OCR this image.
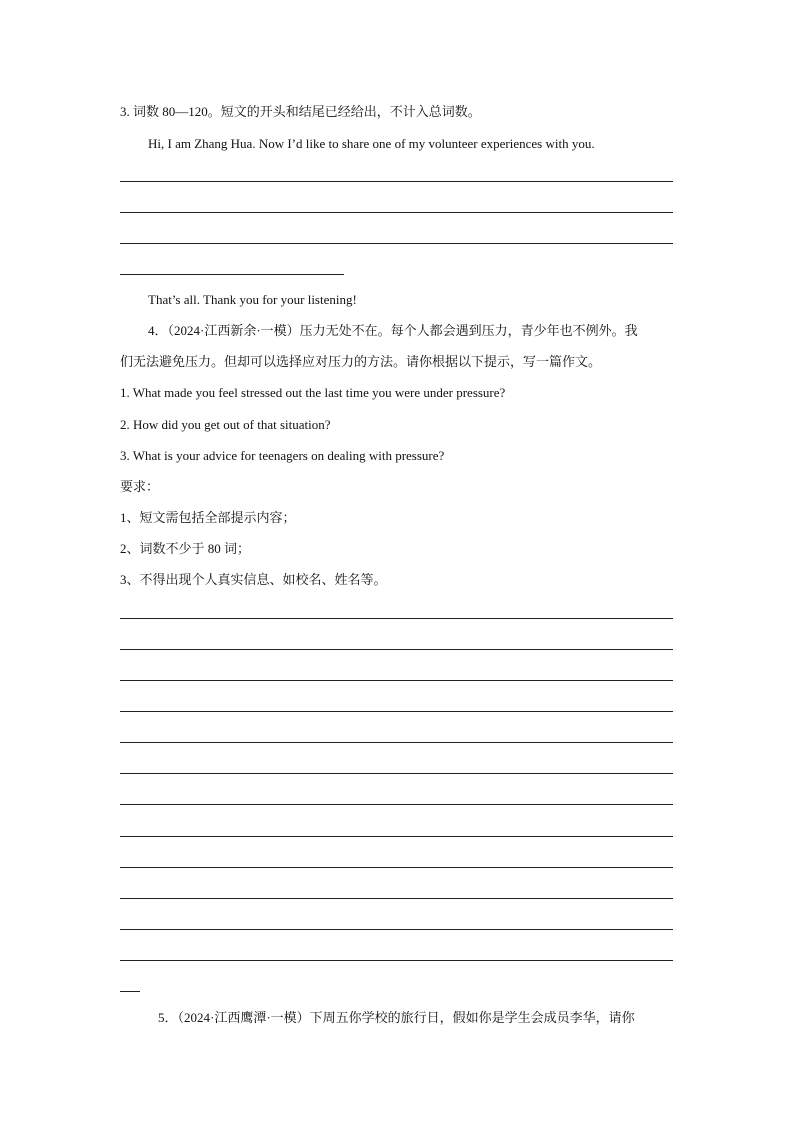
3. 词数 80—120。短文的开头和结尾已经给出，不计入总词数。
Hi, I am Zhang Hua. Now I’d like to share one of my volunteer experiences with you.
That’s all. Thank you for your listening!
4．（2024·江西新余·一模）压力无处不在。每个人都会遇到压力，青少年也不例外。我
们无法避免压力。但却可以选择应对压力的方法。请你根据以下提示，写一篇作文。
1. What made you feel stressed out the last time you were under pressure?
2. How did you get out of that situation?
3. What is your advice for teenagers on dealing with pressure?
要求：
1、短文需包括全部提示内容；
2、词数不少于 80 词；
3、不得出现个人真实信息、如校名、姓名等。
5．（2024·江西鹰潭·一模）下周五你学校的旅行日，假如你是学生会成员李华，请你
